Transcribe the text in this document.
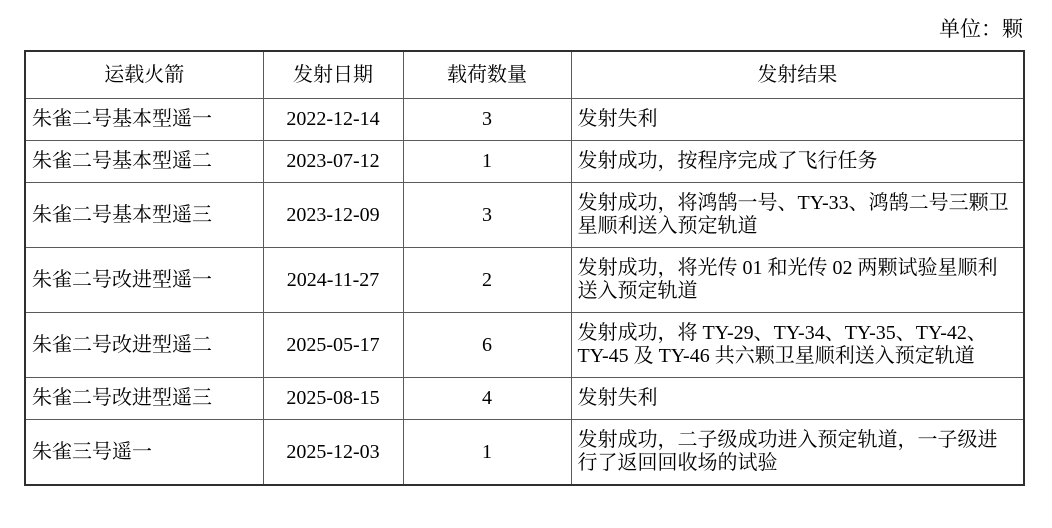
单位：颗
运载火箭	发射日期	载荷数量	发射结果
朱雀二号基本型遥一	2022-12-14	3	发射失利
朱雀二号基本型遥二	2023-07-12	1	发射成功，按程序完成了飞行任务
朱雀二号基本型遥三	2023-12-09	3	发射成功，将鸿鹄一号、TY-33、鸿鹄二号三颗卫星顺利送入预定轨道
朱雀二号改进型遥一	2024-11-27	2	发射成功，将光传 01 和光传 02 两颗试验星顺利送入预定轨道
朱雀二号改进型遥二	2025-05-17	6	发射成功，将 TY-29、TY-34、TY-35、TY-42、TY-45 及 TY-46 共六颗卫星顺利送入预定轨道
朱雀二号改进型遥三	2025-08-15	4	发射失利
朱雀三号遥一	2025-12-03	1	发射成功，二子级成功进入预定轨道，一子级进行了返回回收场的试验
